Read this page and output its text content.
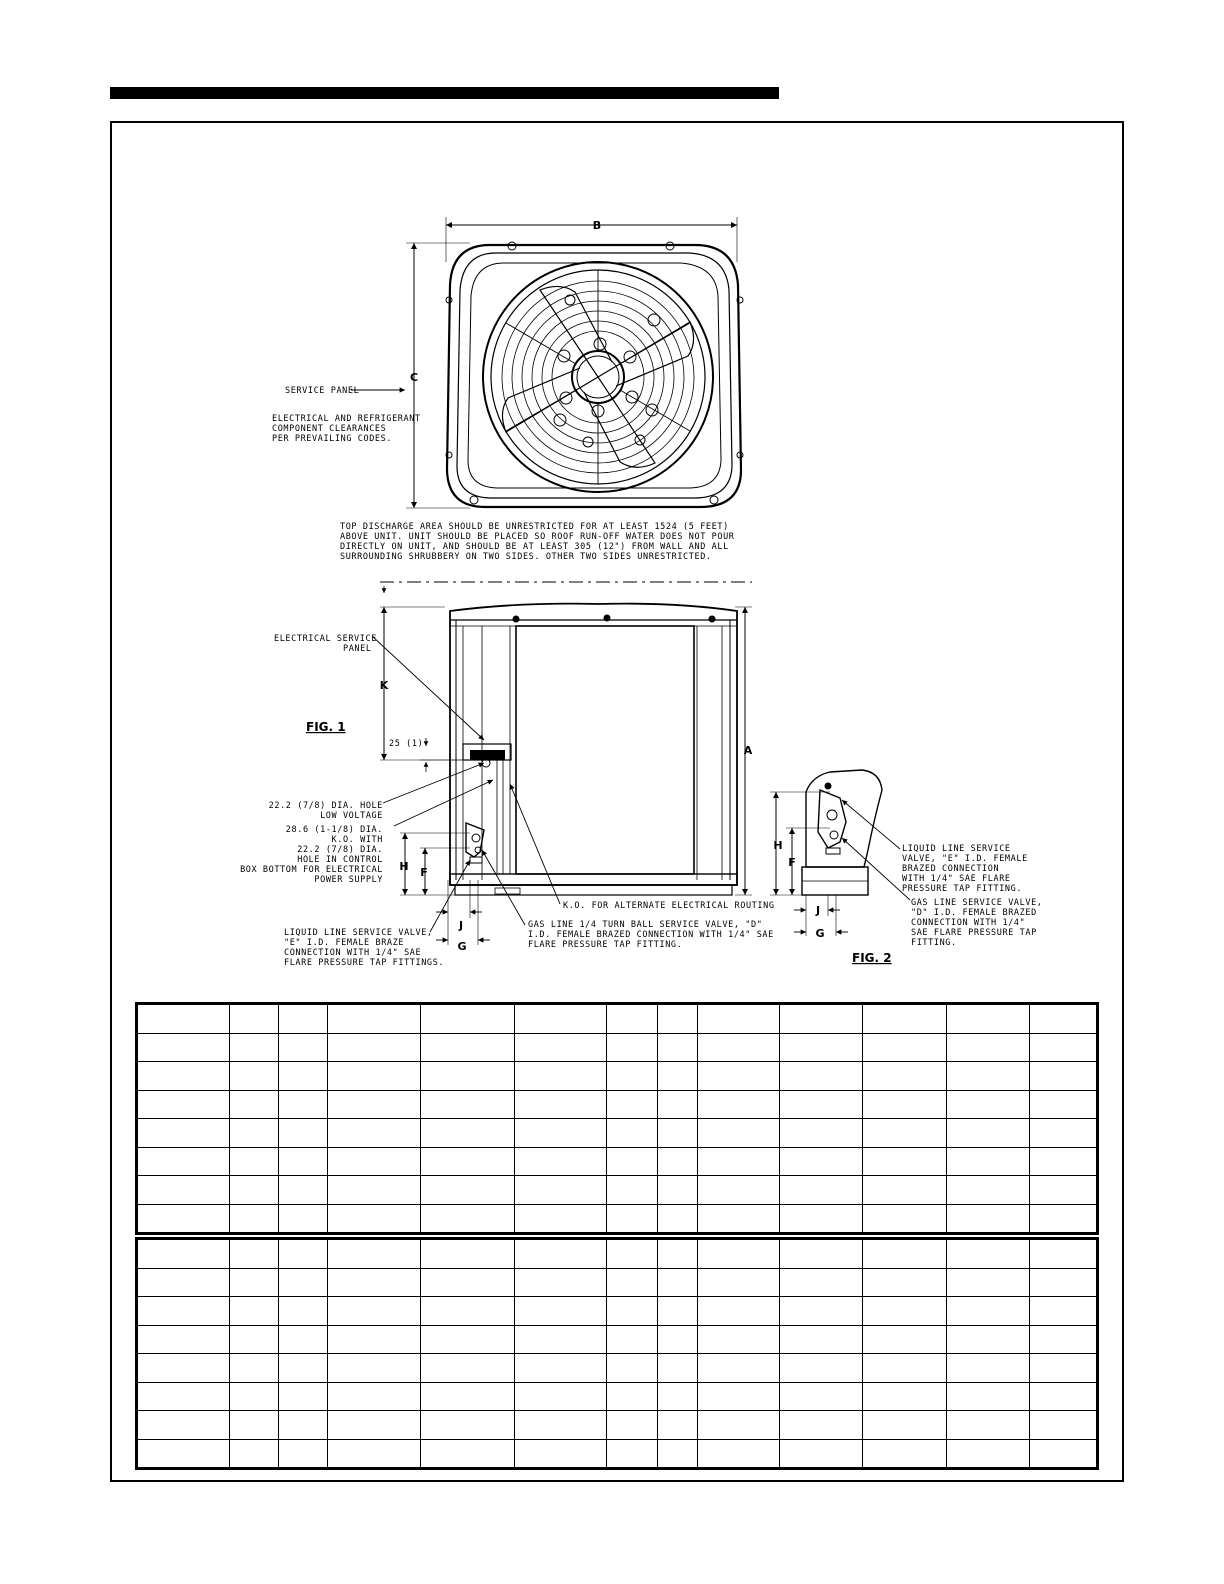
B
C
SERVICE PANEL
ELECTRICAL AND REFRIGERANT
COMPONENT CLEARANCES
PER PREVAILING CODES.
TOP DISCHARGE AREA SHOULD BE UNRESTRICTED FOR AT LEAST 1524 (5 FEET)
ABOVE UNIT. UNIT SHOULD BE PLACED SO ROOF RUN-OFF WATER DOES NOT POUR
DIRECTLY ON UNIT, AND SHOULD BE AT LEAST 305 (12") FROM WALL AND ALL
SURROUNDING SHRUBBERY ON TWO SIDES. OTHER TWO SIDES UNRESTRICTED.
ELECTRICAL SERVICE
PANEL
K
FIG. 1
25 (1)	A
22.2 (7/8) DIA. HOLE
LOW VOLTAGE
28.6 (1-1/8) DIA.
K.O. WITH
22.2 (7/8) DIA.
HOLE IN CONTROL
BOX BOTTOM FOR ELECTRICAL
POWER SUPPLY
H F
J
G
K.O. FOR ALTERNATE ELECTRICAL ROUTING
LIQUID LINE SERVICE VALVE,
"E" I.D. FEMALE BRAZE
CONNECTION WITH 1/4" SAE
FLARE PRESSURE TAP FITTINGS.
GAS LINE 1/4 TURN BALL SERVICE VALVE, "D"
I.D. FEMALE BRAZED CONNECTION WITH 1/4" SAE
FLARE PRESSURE TAP FITTING.
H
F
J
G
LIQUID LINE SERVICE
VALVE, "E" I.D. FEMALE
BRAZED CONNECTION
WITH 1/4" SAE FLARE
PRESSURE TAP FITTING.
GAS LINE SERVICE VALVE,
"D" I.D. FEMALE BRAZED
CONNECTION WITH 1/4"
SAE FLARE PRESSURE TAP
FITTING.
FIG. 2
